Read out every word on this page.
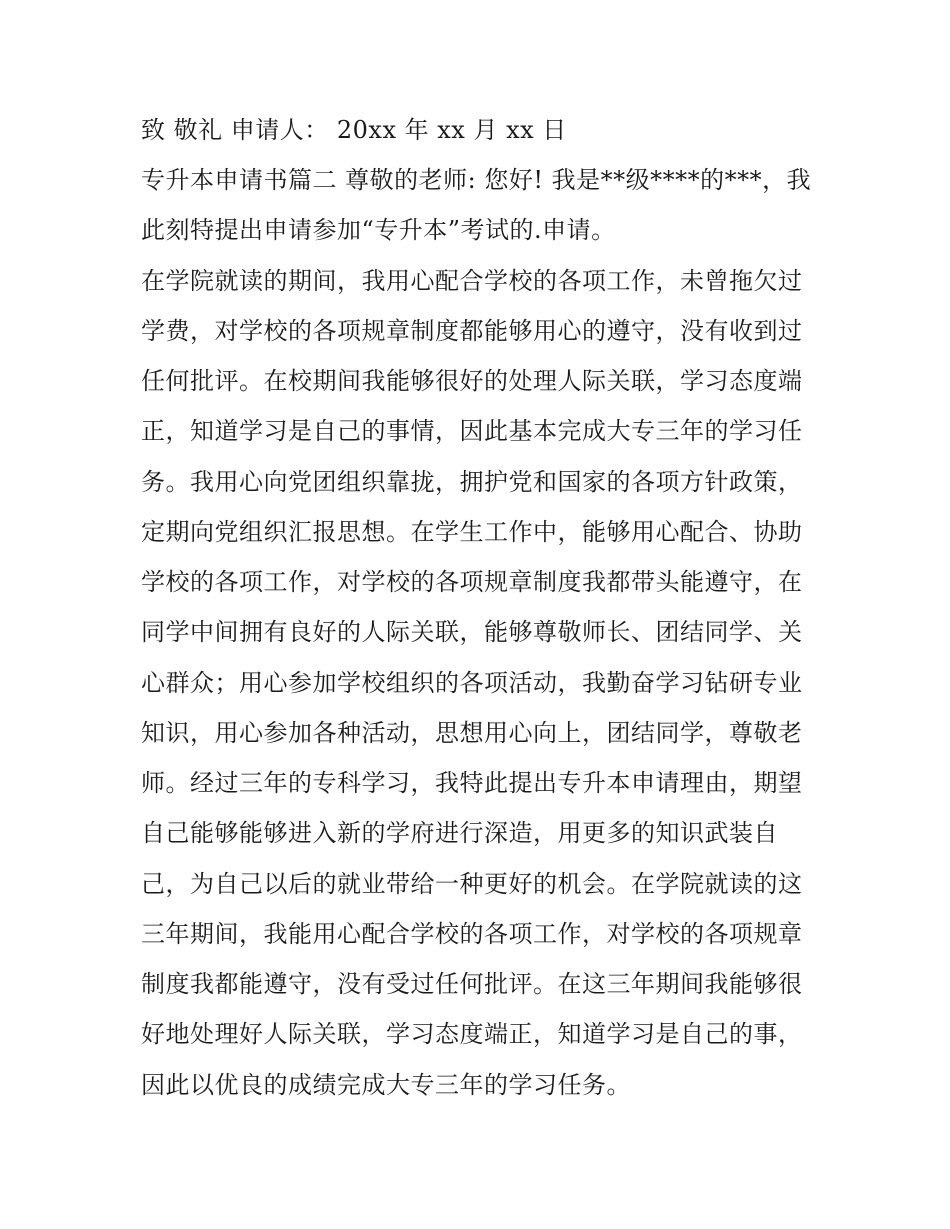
致 敬礼 申请人： 20xx 年 xx 月 xx 日
专升本申请书篇二 尊敬的老师: 您好! 我是**级****的***，我
此刻特提出申请参加“专升本”考试的.申请。
在学院就读的期间，我用心配合学校的各项工作，未曾拖欠过
学费，对学校的各项规章制度都能够用心的遵守，没有收到过
任何批评。在校期间我能够很好的处理人际关联，学习态度端
正，知道学习是自己的事情，因此基本完成大专三年的学习任
务。我用心向党团组织靠拢，拥护党和国家的各项方针政策，
定期向党组织汇报思想。在学生工作中，能够用心配合、协助
学校的各项工作，对学校的各项规章制度我都带头能遵守，在
同学中间拥有良好的人际关联，能够尊敬师长、团结同学、关
心群众；用心参加学校组织的各项活动，我勤奋学习钻研专业
知识，用心参加各种活动，思想用心向上，团结同学，尊敬老
师。经过三年的专科学习，我特此提出专升本申请理由，期望
自己能够能够进入新的学府进行深造，用更多的知识武装自
己，为自己以后的就业带给一种更好的机会。在学院就读的这
三年期间，我能用心配合学校的各项工作，对学校的各项规章
制度我都能遵守，没有受过任何批评。在这三年期间我能够很
好地处理好人际关联，学习态度端正，知道学习是自己的事，
因此以优良的成绩完成大专三年的学习任务。
